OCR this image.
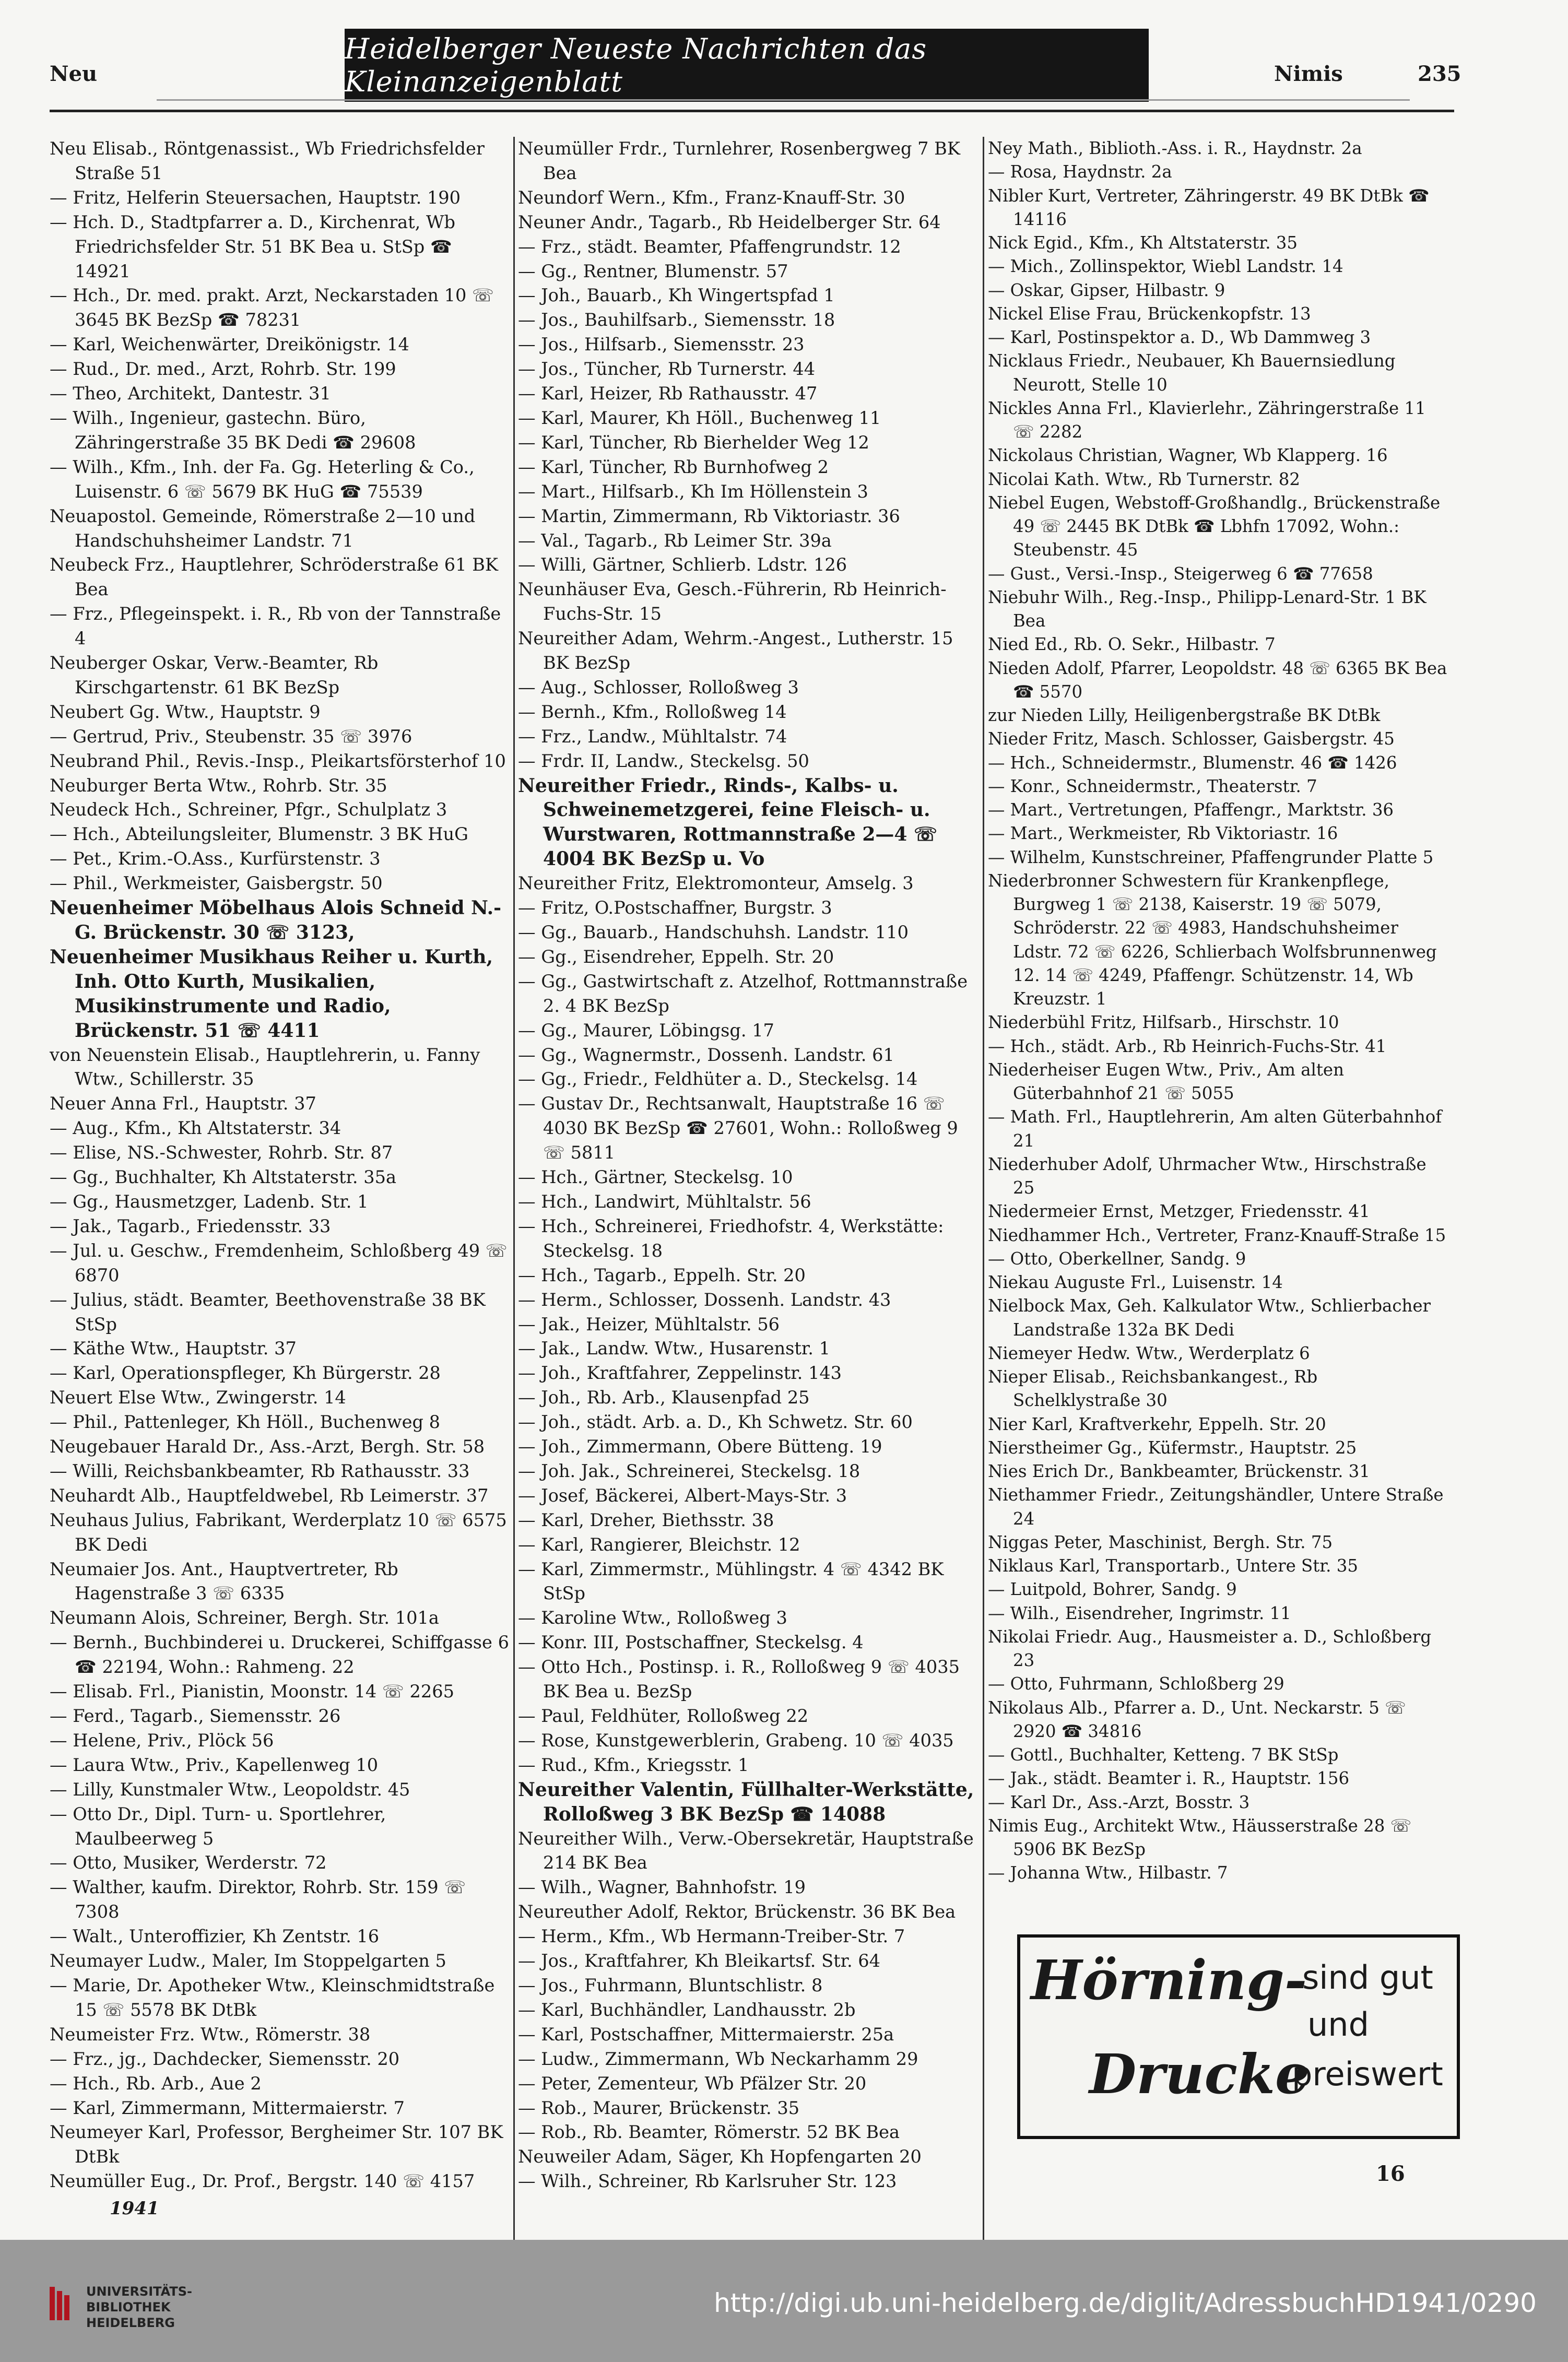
Heidelberger Neueste Nachrichten das Kleinanzeigenblatt
Neu	Nimis	235

Neu Elisab., Röntgenassist., Wb Friedrichsfelder Straße 51

— Fritz, Helferin Steuersachen, Hauptstr. 190

— Hch. D., Stadtpfarrer a. D., Kirchenrat, Wb Friedrichsfelder Str. 51 BK Bea u. StSp ☎ 14921

— Hch., Dr. med. prakt. Arzt, Neckarstaden 10 ☏ 3645 BK BezSp ☎ 78231

— Karl, Weichenwärter, Dreikönigstr. 14

— Rud., Dr. med., Arzt, Rohrb. Str. 199

— Theo, Architekt, Dantestr. 31

— Wilh., Ingenieur, gastechn. Büro, Zähringerstraße 35 BK Dedi ☎ 29608

— Wilh., Kfm., Inh. der Fa. Gg. Heterling & Co., Luisenstr. 6 ☏ 5679 BK HuG ☎ 75539

Neuapostol. Gemeinde, Römerstraße 2—10 und Handschuhsheimer Landstr. 71

Neubeck Frz., Hauptlehrer, Schröderstraße 61 BK Bea

— Frz., Pflegeinspekt. i. R., Rb von der Tannstraße 4

Neuberger Oskar, Verw.-Beamter, Rb Kirschgartenstr. 61 BK BezSp

Neubert Gg. Wtw., Hauptstr. 9

— Gertrud, Priv., Steubenstr. 35 ☏ 3976

Neubrand Phil., Revis.-Insp., Pleikartsförsterhof 10

Neuburger Berta Wtw., Rohrb. Str. 35

Neudeck Hch., Schreiner, Pfgr., Schulplatz 3

— Hch., Abteilungsleiter, Blumenstr. 3 BK HuG

— Pet., Krim.-O.Ass., Kurfürstenstr. 3

— Phil., Werkmeister, Gaisbergstr. 50

Neuenheimer Möbelhaus Alois Schneid N.-G. Brückenstr. 30 ☏ 3123,

Neuenheimer Musikhaus Reiher u. Kurth, Inh. Otto Kurth, Musikalien, Musikinstrumente und Radio, Brückenstr. 51 ☏ 4411

von Neuenstein Elisab., Hauptlehrerin, u. Fanny Wtw., Schillerstr. 35

Neuer Anna Frl., Hauptstr. 37

— Aug., Kfm., Kh Altstaterstr. 34

— Elise, NS.-Schwester, Rohrb. Str. 87

— Gg., Buchhalter, Kh Altstaterstr. 35a

— Gg., Hausmetzger, Ladenb. Str. 1

— Jak., Tagarb., Friedensstr. 33

— Jul. u. Geschw., Fremdenheim, Schloßberg 49 ☏ 6870

— Julius, städt. Beamter, Beethovenstraße 38 BK StSp

— Käthe Wtw., Hauptstr. 37

— Karl, Operationspfleger, Kh Bürgerstr. 28

Neuert Else Wtw., Zwingerstr. 14

— Phil., Pattenleger, Kh Höll., Buchenweg 8

Neugebauer Harald Dr., Ass.-Arzt, Bergh. Str. 58

— Willi, Reichsbankbeamter, Rb Rathausstr. 33

Neuhardt Alb., Hauptfeldwebel, Rb Leimerstr. 37

Neuhaus Julius, Fabrikant, Werderplatz 10 ☏ 6575 BK Dedi

Neumaier Jos. Ant., Hauptvertreter, Rb Hagenstraße 3 ☏ 6335

Neumann Alois, Schreiner, Bergh. Str. 101a

— Bernh., Buchbinderei u. Druckerei, Schiffgasse 6 ☎ 22194, Wohn.: Rahmeng. 22

— Elisab. Frl., Pianistin, Moonstr. 14 ☏ 2265

— Ferd., Tagarb., Siemensstr. 26

— Helene, Priv., Plöck 56

— Laura Wtw., Priv., Kapellenweg 10

— Lilly, Kunstmaler Wtw., Leopoldstr. 45

— Otto Dr., Dipl. Turn- u. Sportlehrer, Maulbeerweg 5

— Otto, Musiker, Werderstr. 72

— Walther, kaufm. Direktor, Rohrb. Str. 159 ☏ 7308

— Walt., Unteroffizier, Kh Zentstr. 16

Neumayer Ludw., Maler, Im Stoppelgarten 5

— Marie, Dr. Apotheker Wtw., Kleinschmidtstraße 15 ☏ 5578 BK DtBk

Neumeister Frz. Wtw., Römerstr. 38

— Frz., jg., Dachdecker, Siemensstr. 20

— Hch., Rb. Arb., Aue 2

— Karl, Zimmermann, Mittermaierstr. 7

Neumeyer Karl, Professor, Bergheimer Str. 107 BK DtBk

Neumüller Eug., Dr. Prof., Bergstr. 140 ☏ 4157

Neumüller Frdr., Turnlehrer, Rosenbergweg 7 BK Bea

Neundorf Wern., Kfm., Franz-Knauff-Str. 30

Neuner Andr., Tagarb., Rb Heidelberger Str. 64

— Frz., städt. Beamter, Pfaffengrundstr. 12

— Gg., Rentner, Blumenstr. 57

— Joh., Bauarb., Kh Wingertspfad 1

— Jos., Bauhilfsarb., Siemensstr. 18

— Jos., Hilfsarb., Siemensstr. 23

— Jos., Tüncher, Rb Turnerstr. 44

— Karl, Heizer, Rb Rathausstr. 47

— Karl, Maurer, Kh Höll., Buchenweg 11

— Karl, Tüncher, Rb Bierhelder Weg 12

— Karl, Tüncher, Rb Burnhofweg 2

— Mart., Hilfsarb., Kh Im Höllenstein 3

— Martin, Zimmermann, Rb Viktoriastr. 36

— Val., Tagarb., Rb Leimer Str. 39a

— Willi, Gärtner, Schlierb. Ldstr. 126

Neunhäuser Eva, Gesch.-Führerin, Rb Heinrich-Fuchs-Str. 15

Neureither Adam, Wehrm.-Angest., Lutherstr. 15 BK BezSp

— Aug., Schlosser, Rolloßweg 3

— Bernh., Kfm., Rolloßweg 14

— Frz., Landw., Mühltalstr. 74

— Frdr. II, Landw., Steckelsg. 50

Neureither Friedr., Rinds-, Kalbs- u. Schweinemetzgerei, feine Fleisch- u. Wurstwaren, Rottmannstraße 2—4 ☏ 4004 BK BezSp u. Vo

Neureither Fritz, Elektromonteur, Amselg. 3

— Fritz, O.Postschaffner, Burgstr. 3

— Gg., Bauarb., Handschuhsh. Landstr. 110

— Gg., Eisendreher, Eppelh. Str. 20

— Gg., Gastwirtschaft z. Atzelhof, Rottmannstraße 2. 4 BK BezSp

— Gg., Maurer, Löbingsg. 17

— Gg., Wagnermstr., Dossenh. Landstr. 61

— Gg., Friedr., Feldhüter a. D., Steckelsg. 14

— Gustav Dr., Rechtsanwalt, Hauptstraße 16 ☏ 4030 BK BezSp ☎ 27601, Wohn.: Rolloßweg 9 ☏ 5811

— Hch., Gärtner, Steckelsg. 10

— Hch., Landwirt, Mühltalstr. 56

— Hch., Schreinerei, Friedhofstr. 4, Werkstätte: Steckelsg. 18

— Hch., Tagarb., Eppelh. Str. 20

— Herm., Schlosser, Dossenh. Landstr. 43

— Jak., Heizer, Mühltalstr. 56

— Jak., Landw. Wtw., Husarenstr. 1

— Joh., Kraftfahrer, Zeppelinstr. 143

— Joh., Rb. Arb., Klausenpfad 25

— Joh., städt. Arb. a. D., Kh Schwetz. Str. 60

— Joh., Zimmermann, Obere Bütteng. 19

— Joh. Jak., Schreinerei, Steckelsg. 18

— Josef, Bäckerei, Albert-Mays-Str. 3

— Karl, Dreher, Biethsstr. 38

— Karl, Rangierer, Bleichstr. 12

— Karl, Zimmermstr., Mühlingstr. 4 ☏ 4342 BK StSp

— Karoline Wtw., Rolloßweg 3

— Konr. III, Postschaffner, Steckelsg. 4

— Otto Hch., Postinsp. i. R., Rolloßweg 9 ☏ 4035 BK Bea u. BezSp

— Paul, Feldhüter, Rolloßweg 22

— Rose, Kunstgewerblerin, Grabeng. 10 ☏ 4035

— Rud., Kfm., Kriegsstr. 1

Neureither Valentin, Füllhalter-Werkstätte, Rolloßweg 3 BK BezSp ☎ 14088

Neureither Wilh., Verw.-Obersekretär, Hauptstraße 214 BK Bea

— Wilh., Wagner, Bahnhofstr. 19

Neureuther Adolf, Rektor, Brückenstr. 36 BK Bea

— Herm., Kfm., Wb Hermann-Treiber-Str. 7

— Jos., Kraftfahrer, Kh Bleikartsf. Str. 64

— Jos., Fuhrmann, Bluntschlistr. 8

— Karl, Buchhändler, Landhausstr. 2b

— Karl, Postschaffner, Mittermaierstr. 25a

— Ludw., Zimmermann, Wb Neckarhamm 29

— Peter, Zementeur, Wb Pfälzer Str. 20

— Rob., Maurer, Brückenstr. 35

— Rob., Rb. Beamter, Römerstr. 52 BK Bea

Neuweiler Adam, Säger, Kh Hopfengarten 20

— Wilh., Schreiner, Rb Karlsruher Str. 123

Ney Math., Biblioth.-Ass. i. R., Haydnstr. 2a

— Rosa, Haydnstr. 2a

Nibler Kurt, Vertreter, Zähringerstr. 49 BK DtBk ☎ 14116

Nick Egid., Kfm., Kh Altstaterstr. 35

— Mich., Zollinspektor, Wiebl Landstr. 14

— Oskar, Gipser, Hilbastr. 9

Nickel Elise Frau, Brückenkopfstr. 13

— Karl, Postinspektor a. D., Wb Dammweg 3

Nicklaus Friedr., Neubauer, Kh Bauernsiedlung Neurott, Stelle 10

Nickles Anna Frl., Klavierlehr., Zähringerstraße 11 ☏ 2282

Nickolaus Christian, Wagner, Wb Klapperg. 16

Nicolai Kath. Wtw., Rb Turnerstr. 82

Niebel Eugen, Webstoff-Großhandlg., Brückenstraße 49 ☏ 2445 BK DtBk ☎ Lbhfn 17092, Wohn.: Steubenstr. 45

— Gust., Versi.-Insp., Steigerweg 6 ☎ 77658

Niebuhr Wilh., Reg.-Insp., Philipp-Lenard-Str. 1 BK Bea

Nied Ed., Rb. O. Sekr., Hilbastr. 7

Nieden Adolf, Pfarrer, Leopoldstr. 48 ☏ 6365 BK Bea ☎ 5570

zur Nieden Lilly, Heiligenbergstraße BK DtBk

Nieder Fritz, Masch. Schlosser, Gaisbergstr. 45

— Hch., Schneidermstr., Blumenstr. 46 ☎ 1426

— Konr., Schneidermstr., Theaterstr. 7

— Mart., Vertretungen, Pfaffengr., Marktstr. 36

— Mart., Werkmeister, Rb Viktoriastr. 16

— Wilhelm, Kunstschreiner, Pfaffengrunder Platte 5

Niederbronner Schwestern für Krankenpflege, Burgweg 1 ☏ 2138, Kaiserstr. 19 ☏ 5079, Schröderstr. 22 ☏ 4983, Handschuhsheimer Ldstr. 72 ☏ 6226, Schlierbach Wolfsbrunnenweg 12. 14 ☏ 4249, Pfaffengr. Schützenstr. 14, Wb Kreuzstr. 1

Niederbühl Fritz, Hilfsarb., Hirschstr. 10

— Hch., städt. Arb., Rb Heinrich-Fuchs-Str. 41

Niederheiser Eugen Wtw., Priv., Am alten Güterbahnhof 21 ☏ 5055

— Math. Frl., Hauptlehrerin, Am alten Güterbahnhof 21

Niederhuber Adolf, Uhrmacher Wtw., Hirschstraße 25

Niedermeier Ernst, Metzger, Friedensstr. 41

Niedhammer Hch., Vertreter, Franz-Knauff-Straße 15

— Otto, Oberkellner, Sandg. 9

Niekau Auguste Frl., Luisenstr. 14

Nielbock Max, Geh. Kalkulator Wtw., Schlierbacher Landstraße 132a BK Dedi

Niemeyer Hedw. Wtw., Werderplatz 6

Nieper Elisab., Reichsbankangest., Rb Schelklystraße 30

Nier Karl, Kraftverkehr, Eppelh. Str. 20

Nierstheimer Gg., Küfermstr., Hauptstr. 25

Nies Erich Dr., Bankbeamter, Brückenstr. 31

Niethammer Friedr., Zeitungshändler, Untere Straße 24

Niggas Peter, Maschinist, Bergh. Str. 75

Niklaus Karl, Transportarb., Untere Str. 35

— Luitpold, Bohrer, Sandg. 9

— Wilh., Eisendreher, Ingrimstr. 11

Nikolai Friedr. Aug., Hausmeister a. D., Schloßberg 23

— Otto, Fuhrmann, Schloßberg 29

Nikolaus Alb., Pfarrer a. D., Unt. Neckarstr. 5 ☏ 2920 ☎ 34816

— Gottl., Buchhalter, Ketteng. 7 BK StSp

— Jak., städt. Beamter i. R., Hauptstr. 156

— Karl Dr., Ass.-Arzt, Bosstr. 3

Nimis Eug., Architekt Wtw., Häusserstraße 28 ☏ 5906 BK BezSp

— Johanna Wtw., Hilbastr. 7

Hörning-
Drucke
sind gut
und
preiswert
16
1941
UNIVERSITÄTS-
BIBLIOTHEK
HEIDELBERG
http://digi.ub.uni-heidelberg.de/diglit/AdressbuchHD1941/0290
